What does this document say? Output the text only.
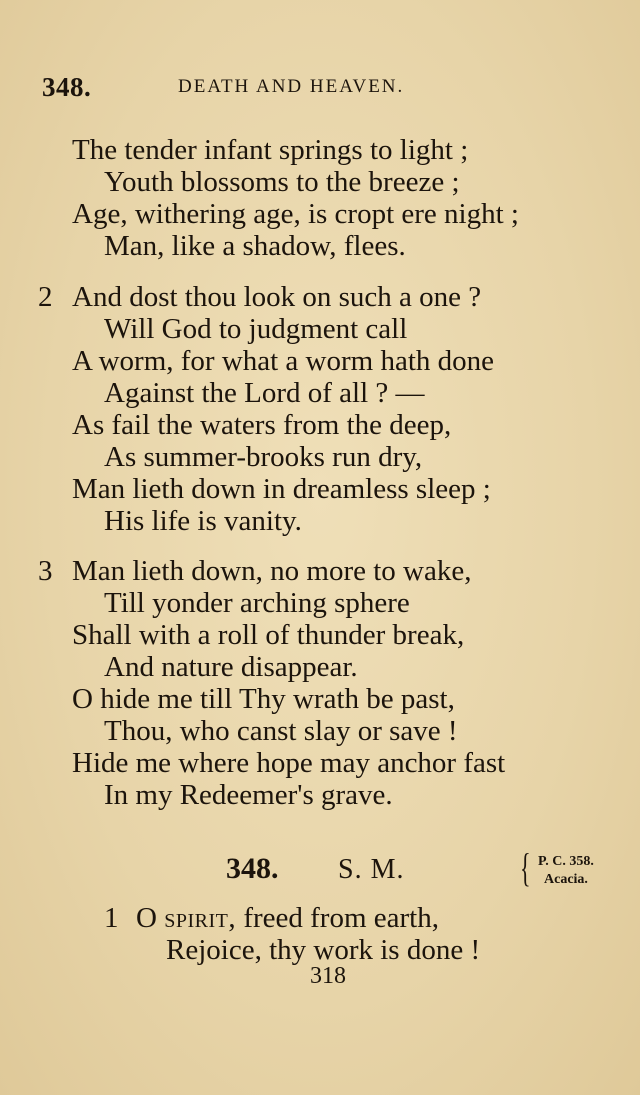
348.	DEATH AND HEAVEN.
The tender infant springs to light ;
Youth blossoms to the breeze ;
Age, withering age, is cropt ere night ;
Man, like a shadow, flees.
2 And dost thou look on such a one ?
Will God to judgment call
A worm, for what a worm hath done
Against the Lord of all ? —
As fail the waters from the deep,
As summer-brooks run dry,
Man lieth down in dreamless sleep ;
His life is vanity.
3 Man lieth down, no more to wake,
Till yonder arching sphere
Shall with a roll of thunder break,
And nature disappear.
O hide me till Thy wrath be past,
Thou, who canst slay or save !
Hide me where hope may anchor fast
In my Redeemer's grave.
348. S. M.	{ P. C. 358.
Acacia.
1 O spirit, freed from earth,
Rejoice, thy work is done !
318
